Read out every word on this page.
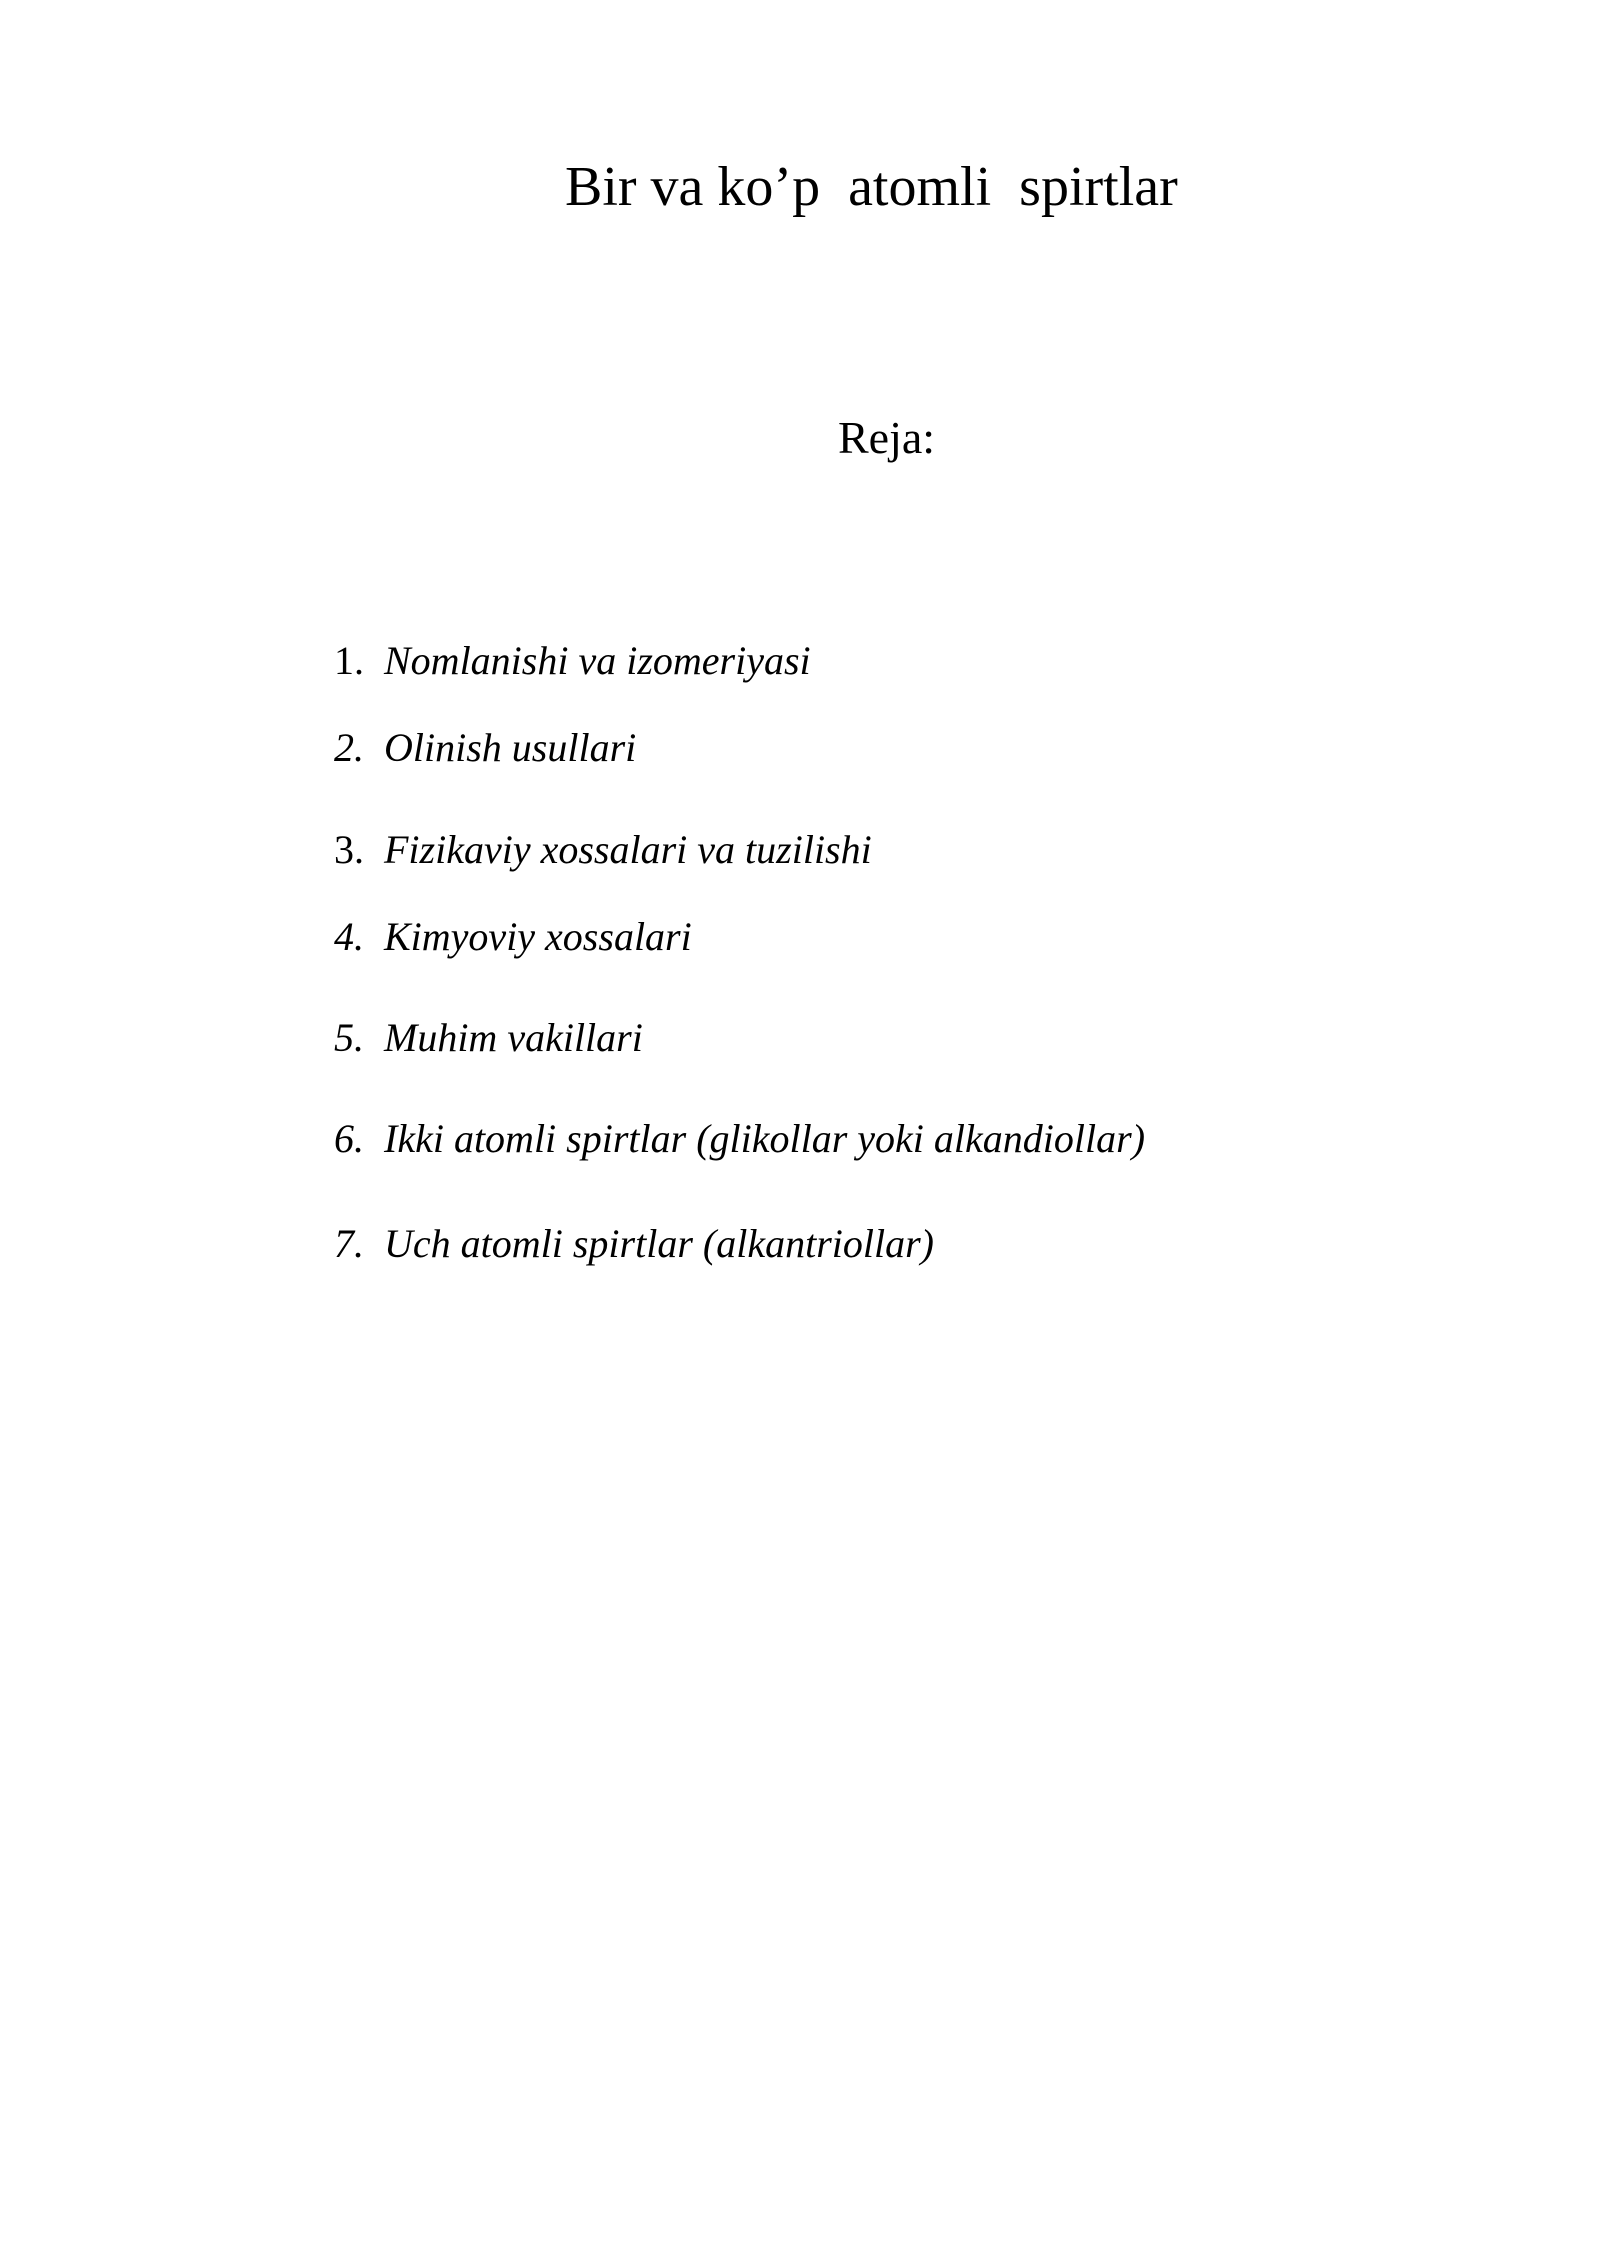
Bir va ko’p  atomli  spirtlar
Reja:
1. Nomlanishi va izomeriyasi
2. Olinish usullari
3. Fizikaviy xossalari va tuzilishi
4. Kimyoviy xossalari
5. Muhim vakillari
6. Ikki atomli spirtlar (glikollar yoki alkandiollar)
7. Uch atomli spirtlar (alkantriollar)
